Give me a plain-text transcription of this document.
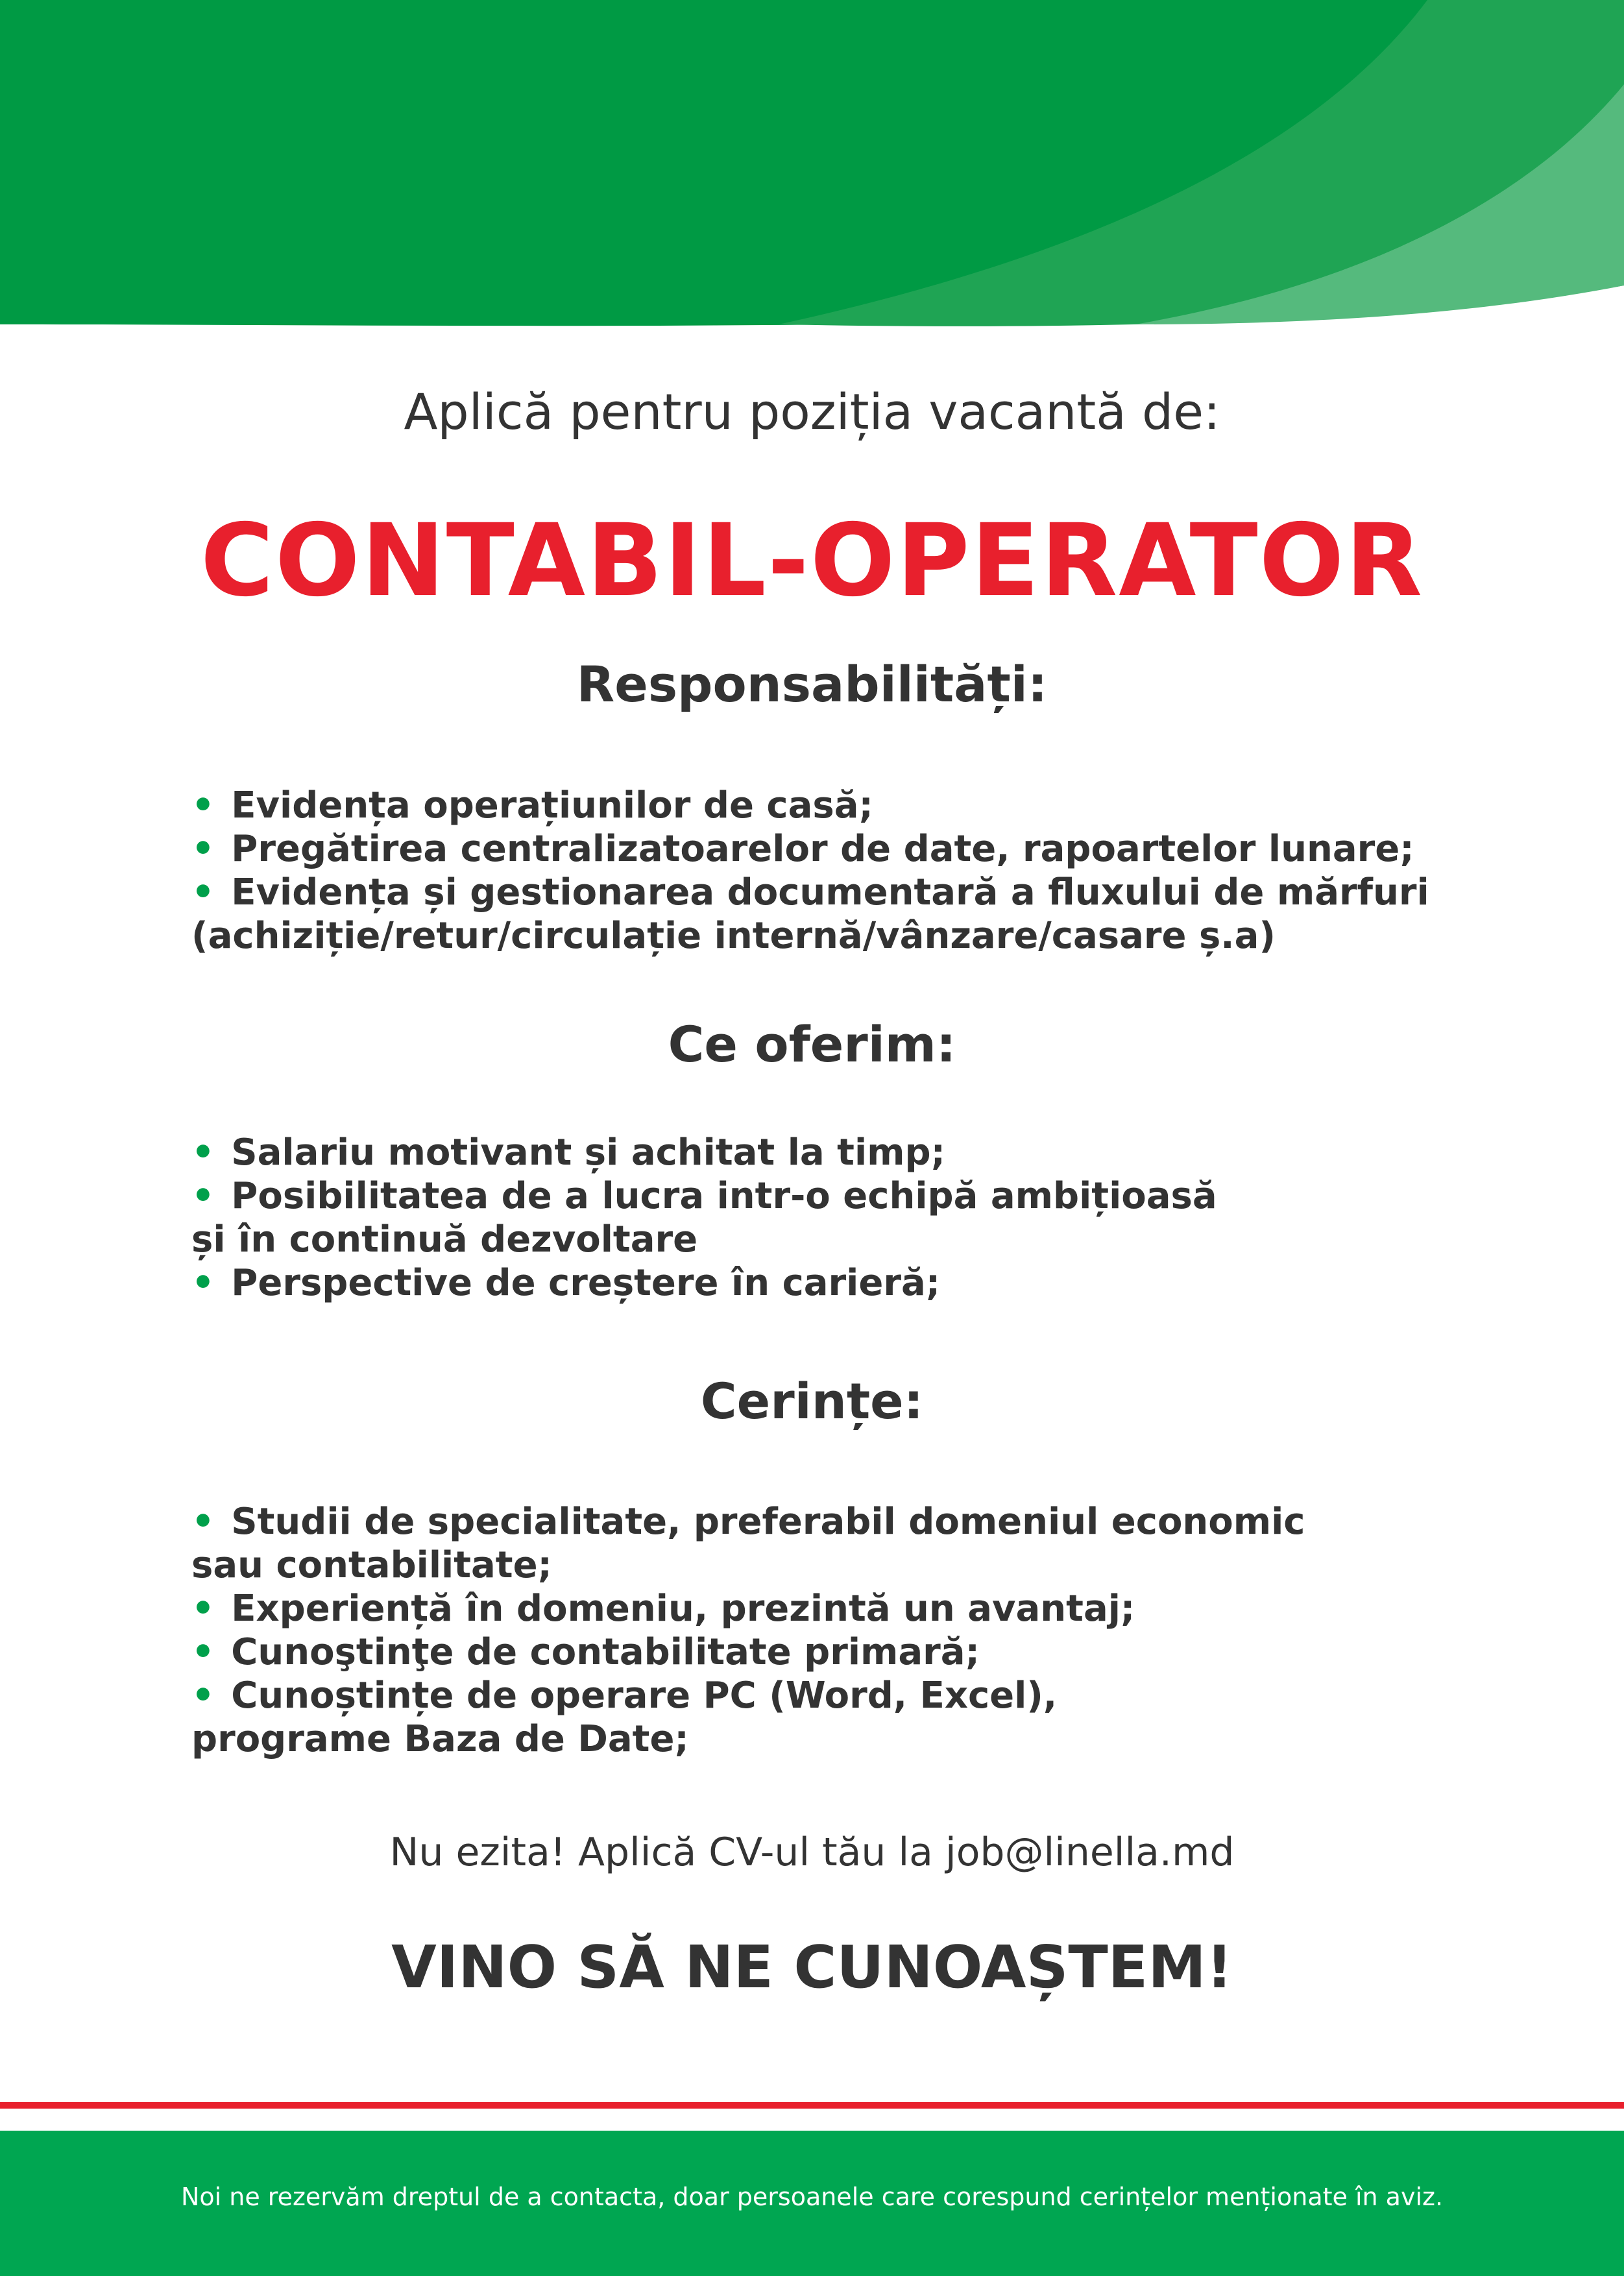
Aplică pentru poziția vacantă de:
CONTABIL-OPERATOR
Responsabilități:
• Evidența operațiunilor de casă;
• Pregătirea centralizatoarelor de date, rapoartelor lunare;
• Evidența și gestionarea documentară a fluxului de mărfuri
(achiziție/retur/circulație internă/vânzare/casare ș.a)
Ce oferim:
• Salariu motivant și achitat la timp;
• Posibilitatea de a lucra intr-o echipă ambițioasă
și în continuă dezvoltare
• Perspective de creștere în carieră;
Cerințe:
• Studii de specialitate, preferabil domeniul economic
sau contabilitate;
• Experiență în domeniu, prezintă un avantaj;
• Cunoştinţe de contabilitate primară;
• Cunoștințe de operare PC (Word, Excel),
programe Baza de Date;
Nu ezita! Aplică CV-ul tău la job@linella.md
VINO SĂ NE CUNOAȘTEM!
Noi ne rezervăm dreptul de a contacta, doar persoanele care corespund cerințelor menționate în aviz.
